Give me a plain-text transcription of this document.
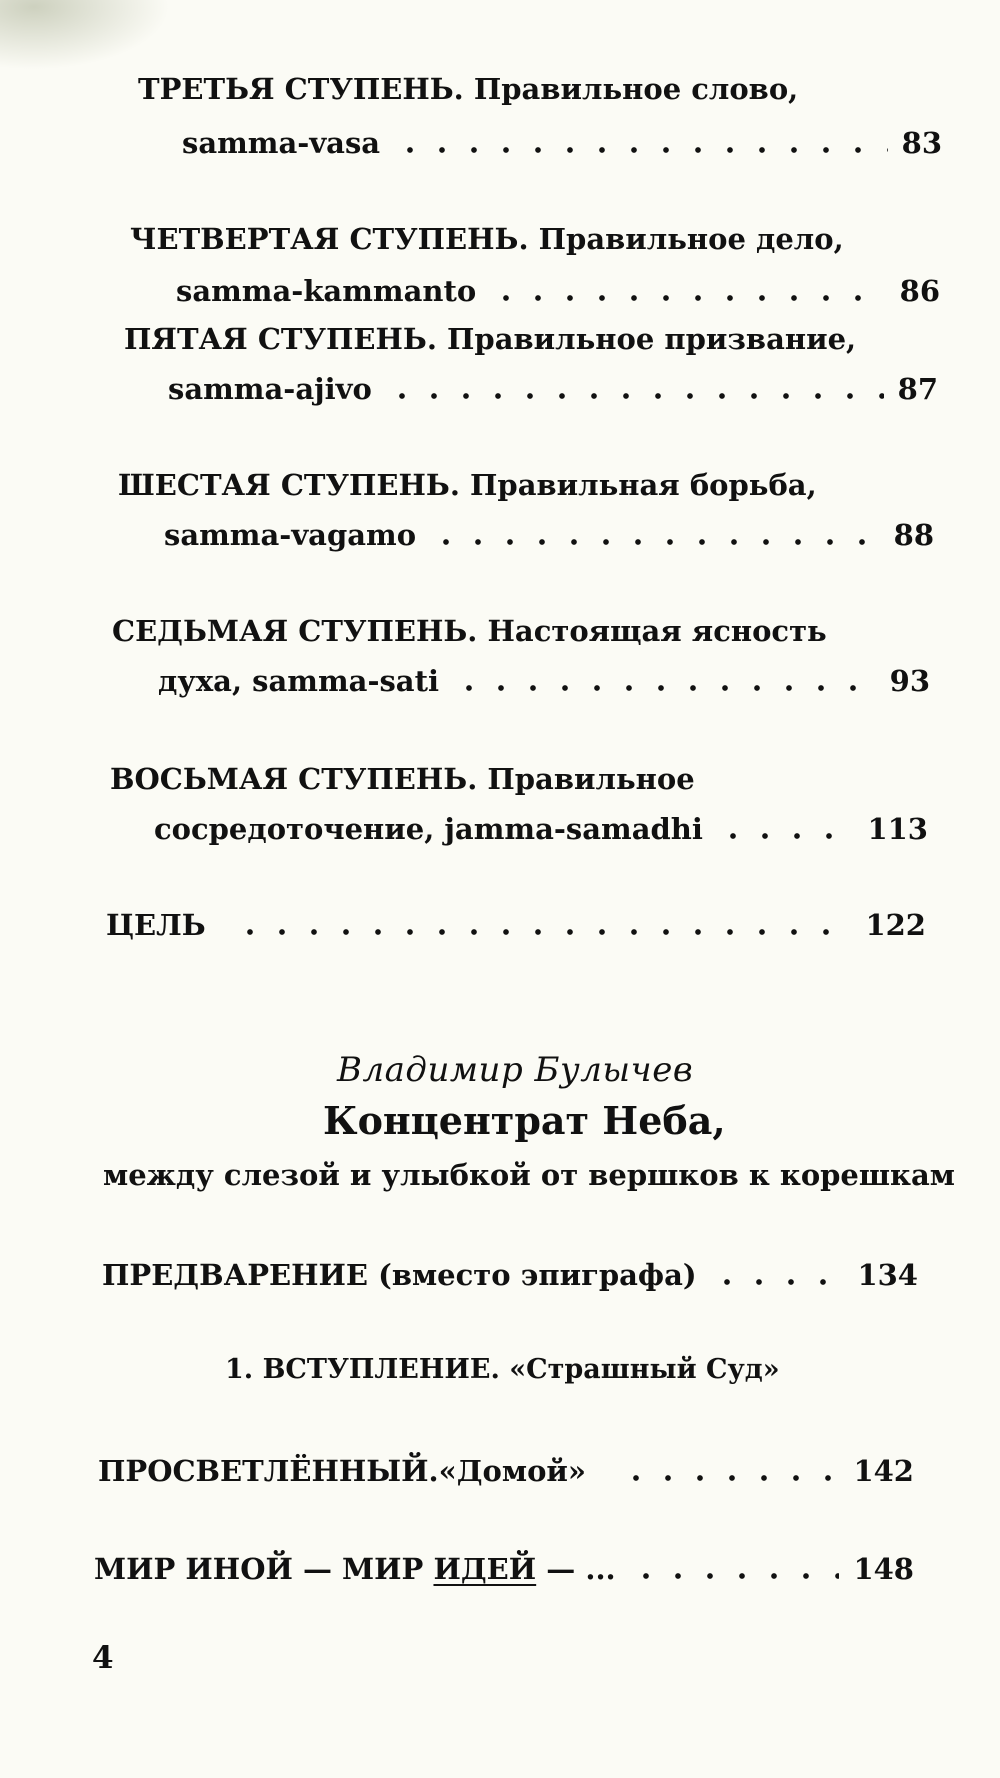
ТРЕТЬЯ СТУПЕНЬ. Правильное слово,
samma-vasa	83
ЧЕТВЕРТАЯ СТУПЕНЬ. Правильное дело,
samma-kammanto	86
ПЯТАЯ СТУПЕНЬ. Правильное призвание,
samma-ajivo	87
ШЕСТАЯ СТУПЕНЬ. Правильная борьба,
samma-vagamo	88
СЕДЬМАЯ СТУПЕНЬ. Настоящая ясность
духа, samma-sati	93
ВОСЬМАЯ СТУПЕНЬ. Правильное
сосредоточение, jamma-samadhi	113
ЦЕЛЬ	122
Владимир Булычев
Концентрат Неба,
между слезой и улыбкой от вершков к корешкам
ПРЕДВАРЕНИЕ (вместо эпиграфа)	134
1. ВСТУПЛЕНИЕ. «Страшный Суд»
ПРОСВЕТЛЁННЫЙ.«Домой»	142
МИР ИНОЙ — МИР ИДЕЙ — ...	148
4
